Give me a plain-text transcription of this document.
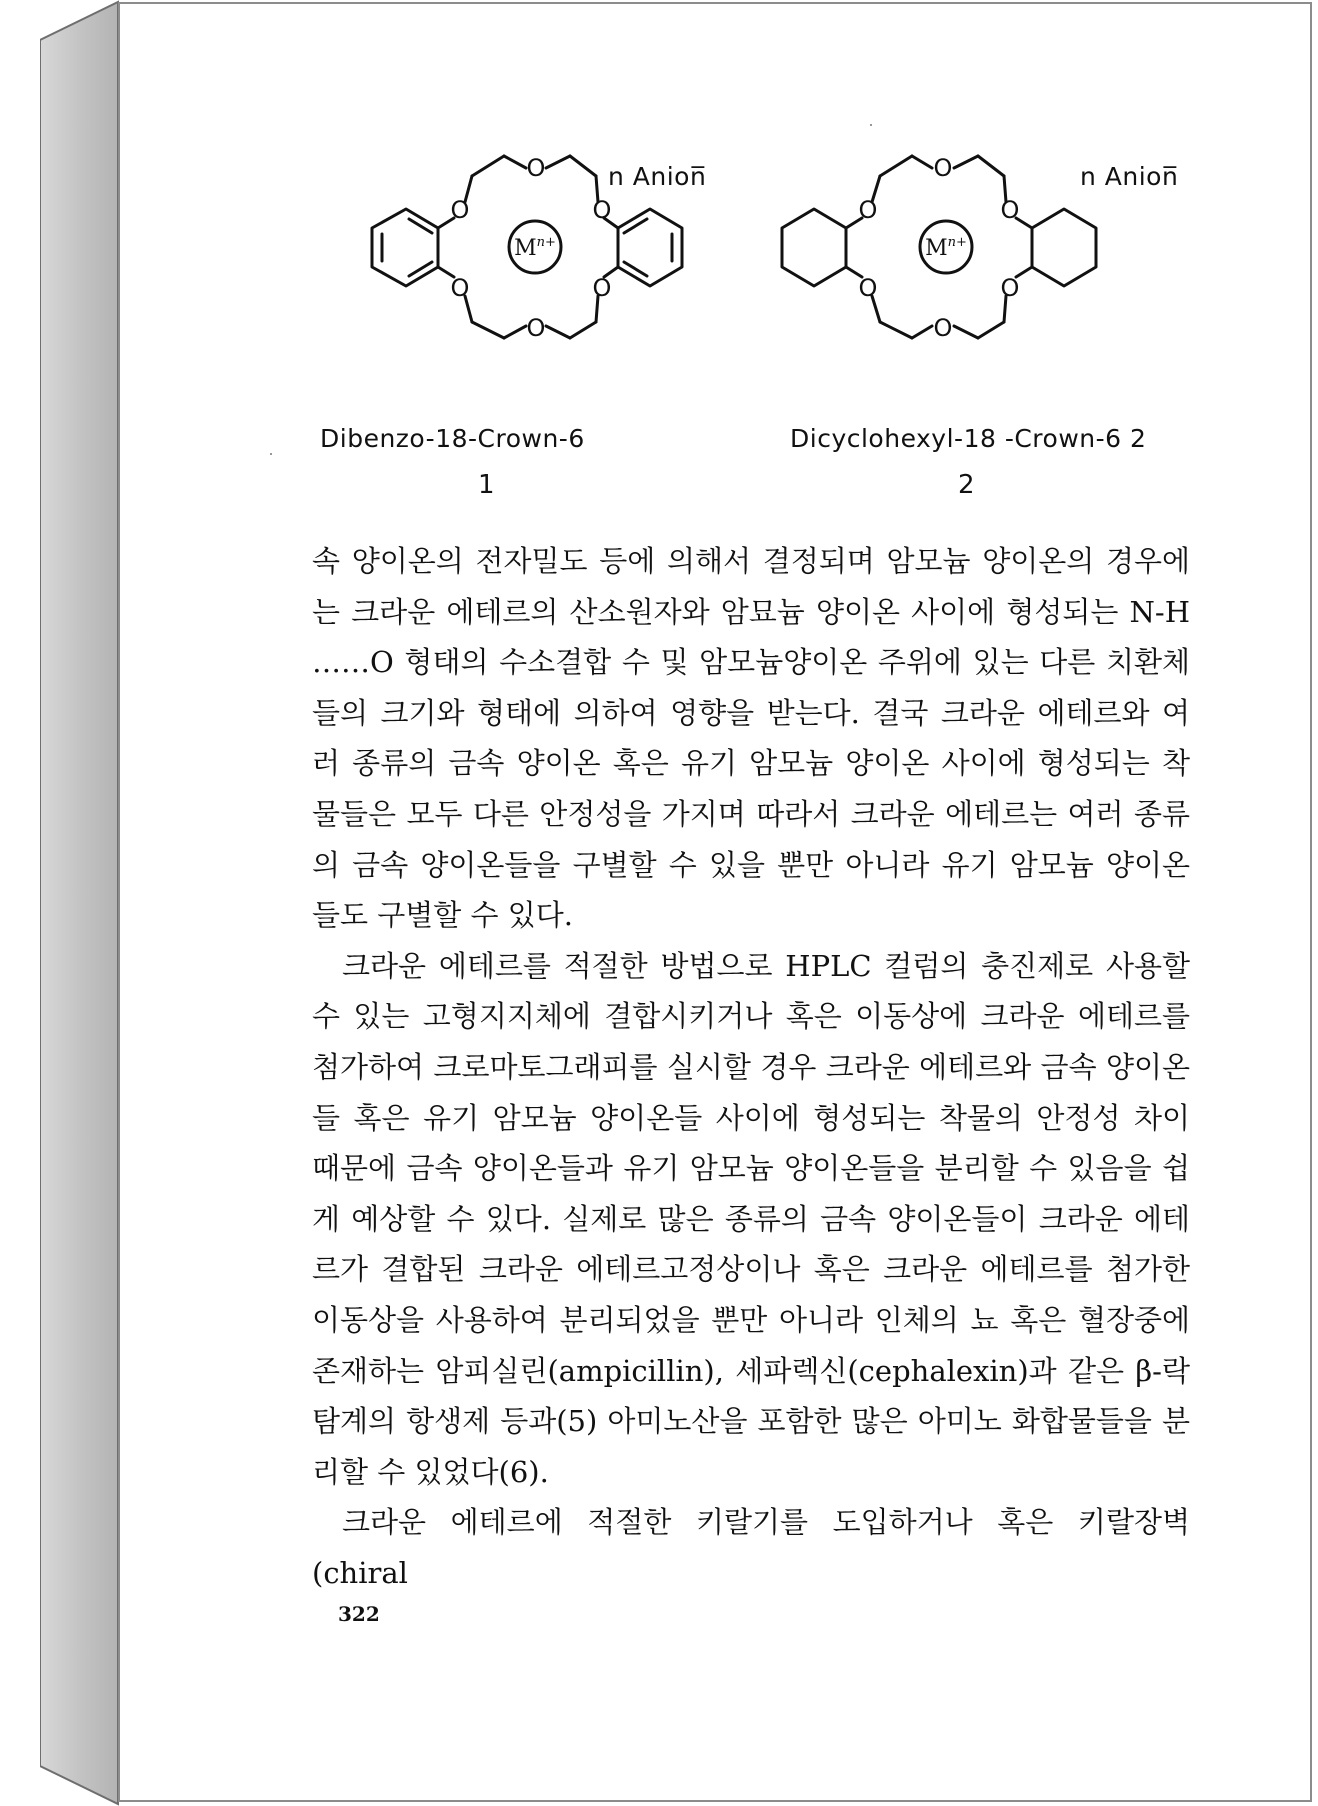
O
O
O
O
O
O
O
O
O
O
O
O
$M^{n+}$	$M^{n+}$
n Anion̅	n Anion̅
Dibenzo-18-Crown-6	Dicyclohexyl-18 -Crown-6 2
1	2

속 양이온의 전자밀도 등에 의해서 결정되며 암모늄 양이온의 경우에

는 크라운 에테르의 산소원자와 암묘늄 양이온 사이에 형성되는 N-H

……O 형태의 수소결합 수 및 암모늄양이온 주위에 있는 다른 치환체

들의 크기와 형태에 의하여 영향을 받는다. 결국 크라운 에테르와 여

러 종류의 금속 양이온 혹은 유기 암모늄 양이온 사이에 형성되는 착

물들은 모두 다른 안정성을 가지며 따라서 크라운 에테르는 여러 종류

의 금속 양이온들을 구별할 수 있을 뿐만 아니라 유기 암모늄 양이온

들도 구별할 수 있다.

크라운 에테르를 적절한 방법으로 HPLC 컬럼의 충진제로 사용할

수 있는 고형지지체에 결합시키거나 혹은 이동상에 크라운 에테르를

첨가하여 크로마토그래피를 실시할 경우 크라운 에테르와 금속 양이온

들 혹은 유기 암모늄 양이온들 사이에 형성되는 착물의 안정성 차이

때문에 금속 양이온들과 유기 암모늄 양이온들을 분리할 수 있음을 쉽

게 예상할 수 있다. 실제로 많은 종류의 금속 양이온들이 크라운 에테

르가 결합된 크라운 에테르고정상이나 혹은 크라운 에테르를 첨가한

이동상을 사용하여 분리되었을 뿐만 아니라 인체의 뇨 혹은 혈장중에

존재하는 암피실린(ampicillin), 세파렉신(cephalexin)과 같은 β-락

탐계의 항생제 등과(5) 아미노산을 포함한 많은 아미노 화합물들을 분

리할 수 있었다(6).

크라운 에테르에 적절한 키랄기를 도입하거나 혹은 키랄장벽(chiral

322
